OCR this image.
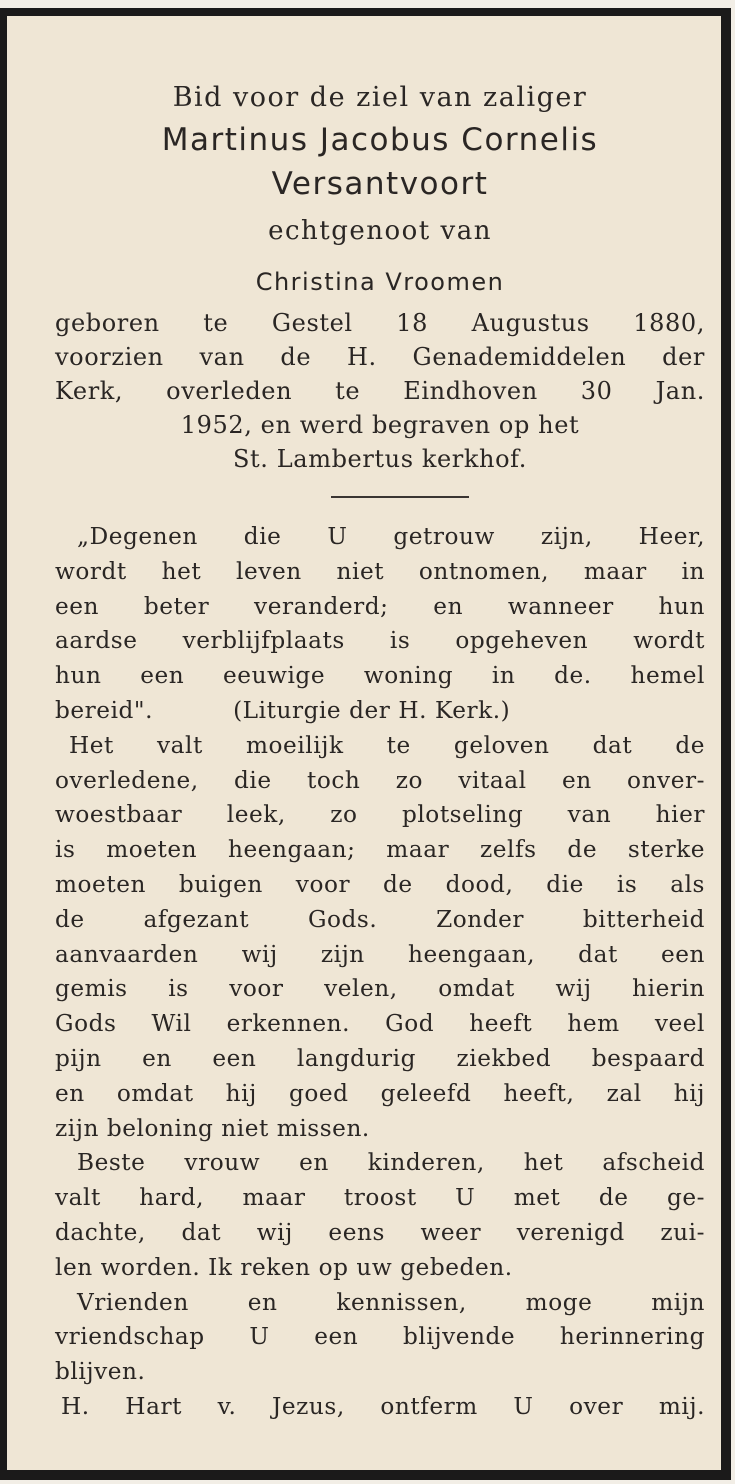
Bid voor de ziel van zaliger
Martinus Jacobus Cornelis
Versantvoort
echtgenoot van
Christina Vroomen

geboren te Gestel 18 Augustus 1880,

voorzien van de H. Genademiddelen der

Kerk, overleden te Eindhoven 30 Jan.

1952, en werd begraven op het

St. Lambertus kerkhof.

„Degenen die U getrouw zijn, Heer,
wordt het leven niet ontnomen, maar in
een beter veranderd; en wanneer hun
aardse verblijfplaats is opgeheven wordt
hun een eeuwige woning in de. hemel
bereid".	(Liturgie der H. Kerk.)
Het valt moeilijk te geloven dat de
overledene, die toch zo vitaal en onver-
woestbaar leek, zo plotseling van hier
is moeten heengaan; maar zelfs de sterke
moeten buigen voor de dood, die is als
de afgezant Gods. Zonder bitterheid
aanvaarden wij zijn heengaan, dat een
gemis is voor velen, omdat wij hierin
Gods Wil erkennen. God heeft hem veel
pijn en een langdurig ziekbed bespaard
en omdat hij goed geleefd heeft, zal hij
zijn beloning niet missen.
Beste vrouw en kinderen, het afscheid
valt hard, maar troost U met de ge-
dachte, dat wij eens weer verenigd zui-
len worden. Ik reken op uw gebeden.
Vrienden en kennissen, moge mijn
vriendschap U een blijvende herinnering
blijven.
H. Hart v. Jezus, ontferm U over mij.
